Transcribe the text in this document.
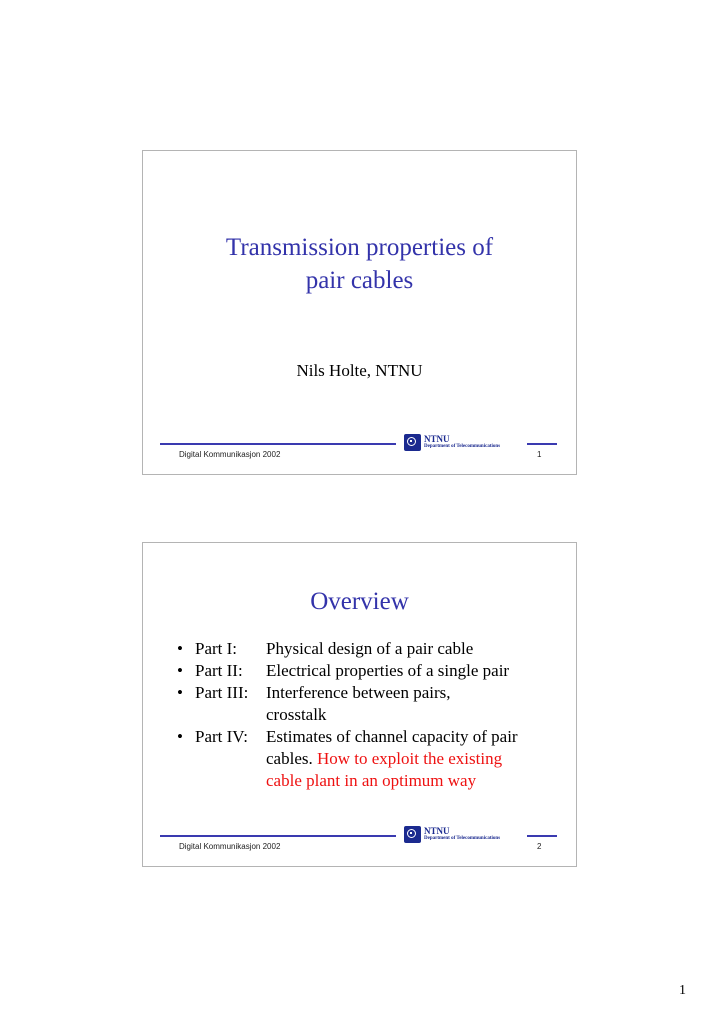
Transmission properties of
pair cables
Nils Holte, NTNU
NTNU
Department of Telecommunications
Digital Kommunikasjon 2002	1
Overview
• Part I:	Physical design of a pair cable
• Part II:	Electrical properties of a single pair
• Part III:	Interference between pairs,
crosstalk
• Part IV:	Estimates of channel capacity of pair
cables. How to exploit the existing
cable plant in an optimum way
NTNU
Department of Telecommunications
Digital Kommunikasjon 2002	2
1
